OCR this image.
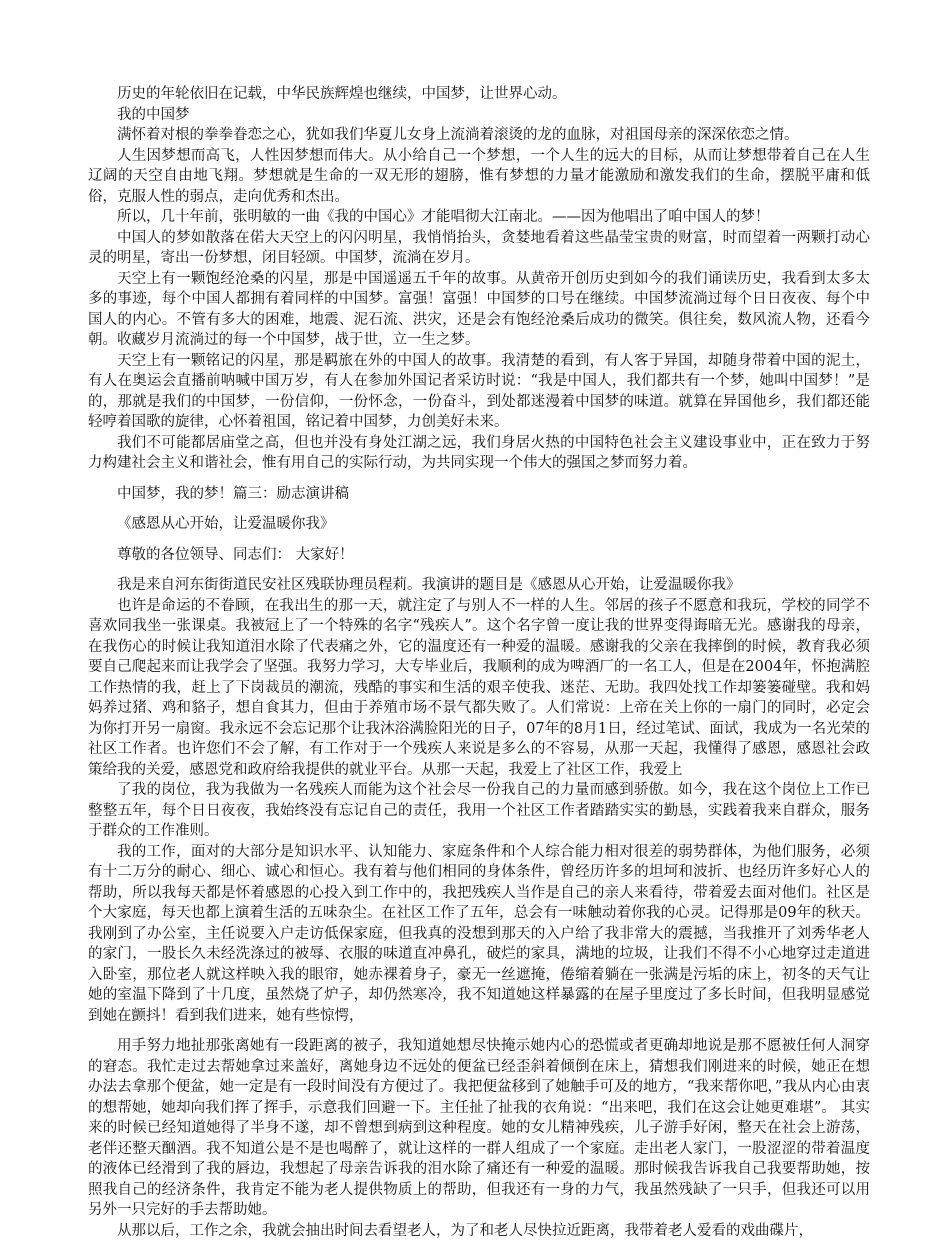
历史的年轮依旧在记载，中华民族辉煌也继续，中国梦，让世界心动。

我的中国梦

满怀着对根的拳拳眷恋之心，犹如我们华夏儿女身上流淌着滚烫的龙的血脉，对祖国母亲的深深依恋之情。

人生因梦想而高飞，人性因梦想而伟大。从小给自己一个梦想，一个人生的远大的目标，从而让梦想带着自己在人生辽阔的天空自由地飞翔。梦想就是生命的一双无形的翅膀，惟有梦想的力量才能激励和激发我们的生命，摆脱平庸和低俗，克服人性的弱点，走向优秀和杰出。

所以，几十年前，张明敏的一曲《我的中国心》才能唱彻大江南北。——因为他唱出了咱中国人的梦！

中国人的梦如散落在偌大天空上的闪闪明星，我悄悄抬头，贪婪地看着这些晶莹宝贵的财富，时而望着一两颗打动心灵的明星，寄出一份梦想，闭目轻颂。中国梦，流淌在岁月。

天空上有一颗饱经沧桑的闪星，那是中国遥遥五千年的故事。从黄帝开创历史到如今的我们诵读历史，我看到太多太多的事迹，每个中国人都拥有着同样的中国梦。富强！富强！中国梦的口号在继续。中国梦流淌过每个日日夜夜、每个中国人的内心。不管有多大的困难，地震、泥石流、洪灾，还是会有饱经沧桑后成功的微笑。俱往矣，数风流人物，还看今朝。收藏岁月流淌过的每一个中国梦，战于世，立一生之梦。

天空上有一颗铭记的闪星，那是羁旅在外的中国人的故事。我清楚的看到，有人客于异国，却随身带着中国的泥土，有人在奥运会直播前呐喊中国万岁，有人在参加外国记者采访时说：“我是中国人，我们都共有一个梦，她叫中国梦！”是的，那就是我们的中国梦，一份信仰，一份怀念，一份奋斗，到处都迷漫着中国梦的味道。就算在异国他乡，我们都还能轻哼着国歌的旋律，心怀着祖国，铭记着中国梦，力创美好未来。

我们不可能都居庙堂之高，但也并没有身处江湖之远，我们身居火热的中国特色社会主义建设事业中，正在致力于努力构建社会主义和谐社会，惟有用自己的实际行动，为共同实现一个伟大的强国之梦而努力着。

中国梦，我的梦！篇三：励志演讲稿

《感恩从心开始，让爱温暖你我》

尊敬的各位领导、同志们： 大家好！

我是来自河东街街道民安社区残联协理员程莉。我演讲的题目是《感恩从心开始，让爱温暖你我》

也许是命运的不眷顾，在我出生的那一天，就注定了与别人不一样的人生。邻居的孩子不愿意和我玩，学校的同学不喜欢同我坐一张课桌。我被冠上了一个特殊的名字“残疾人”。这个名字曾一度让我的世界变得诲暗无光。感谢我的母亲，在我伤心的时候让我知道泪水除了代表痛之外，它的温度还有一种爱的温暖。感谢我的父亲在我摔倒的时候，教育我必须要自己爬起来而让我学会了坚强。我努力学习，大专毕业后，我顺利的成为啤酒厂的一名工人，但是在2004年，怀抱满腔工作热情的我，赶上了下岗裁员的潮流，残酷的事实和生活的艰辛使我、迷茫、无助。我四处找工作却篓篓碰壁。我和妈妈养过猪、鸡和貉子，想自食其力，但由于养殖市场不景气都失败了。人们常说：上帝在关上你的一扇门的同时，必定会为你打开另一扇窗。我永远不会忘记那个让我沐浴满脸阳光的日子，07年的8月1日，经过笔试、面试，我成为一名光荣的社区工作者。也许您们不会了解，有工作对于一个残疾人来说是多么的不容易，从那一天起，我懂得了感恩，感恩社会政策给我的关爱，感恩党和政府给我提供的就业平台。从那一天起，我爱上了社区工作，我爱上

了我的岗位，我为我做为一名残疾人而能为这个社会尽一份我自己的力量而感到骄傲。如今，我在这个岗位上工作已整整五年，每个日日夜夜，我始终没有忘记自己的责任，我用一个社区工作者踏踏实实的勤恳，实践着我来自群众，服务于群众的工作准则。

我的工作，面对的大部分是知识水平、认知能力、家庭条件和个人综合能力相对很差的弱势群体，为他们服务，必须有十二万分的耐心、细心、诚心和恒心。我有着与他们相同的身体条件，曾经历许多的坦坷和波折、也经历许多好心人的帮助，所以我每天都是怀着感恩的心投入到工作中的，我把残疾人当作是自己的亲人来看待，带着爱去面对他们。社区是个大家庭，每天也都上演着生活的五味杂尘。在社区工作了五年，总会有一味触动着你我的心灵。记得那是09年的秋天。我刚到了办公室，主任说要入户走访低保家庭，但我真的没想到那天的入户给了我非常大的震撼，当我推开了刘秀华老人的家门，一股长久未经洗涤过的被辱、衣服的味道直冲鼻孔，破烂的家具，满地的垃圾，让我们不得不小心地穿过走道进入卧室，那位老人就这样映入我的眼帘，她赤裸着身子，豪无一丝遮掩，倦缩着躺在一张满是污垢的床上，初冬的天气让她的室温下降到了十几度，虽然烧了炉子，却仍然寒冷，我不知道她这样暴露的在屋子里度过了多长时间，但我明显感觉到她在颤抖！看到我们进来，她有些惊愕，

用手努力地扯那张离她有一段距离的被子，我知道她想尽快掩示她内心的恐慌或者更确却地说是那不愿被任何人洞穿的窘态。我忙走过去帮她拿过来盖好，离她身边不远处的便盆已经歪斜着倾倒在床上，猜想我们刚进来的时候，她正在想办法去拿那个便盆，她一定是有一段时间没有方便过了。我把便盆移到了她触手可及的地方，“我来帮你吧，”我从内心由衷的想帮她，她却向我们挥了挥手，示意我们回避一下。主任扯了扯我的衣角说：“出来吧，我们在这会让她更难堪”。 其实来的时候已经知道她得了半身不遂，却不曾想到病到这种程度。她的女儿精神残疾，儿子游手好闲，整天在社会上游荡，老伴还整天酗酒。我不知道公是不是也喝醉了，就让这样的一群人组成了一个家庭。走出老人家门，一股涩涩的带着温度的液体已经滑到了我的唇边，我想起了母亲告诉我的泪水除了痛还有一种爱的温暖。那时候我告诉我自己我要帮助她，按照我自己的经济条件，我肯定不能为老人提供物质上的帮助，但我还有一身的力气，我虽然残缺了一只手，但我还可以用另外一只完好的手去帮助她。

从那以后，工作之余，我就会抽出时间去看望老人，为了和老人尽快拉近距离，我带着老人爱看的戏曲碟片，
